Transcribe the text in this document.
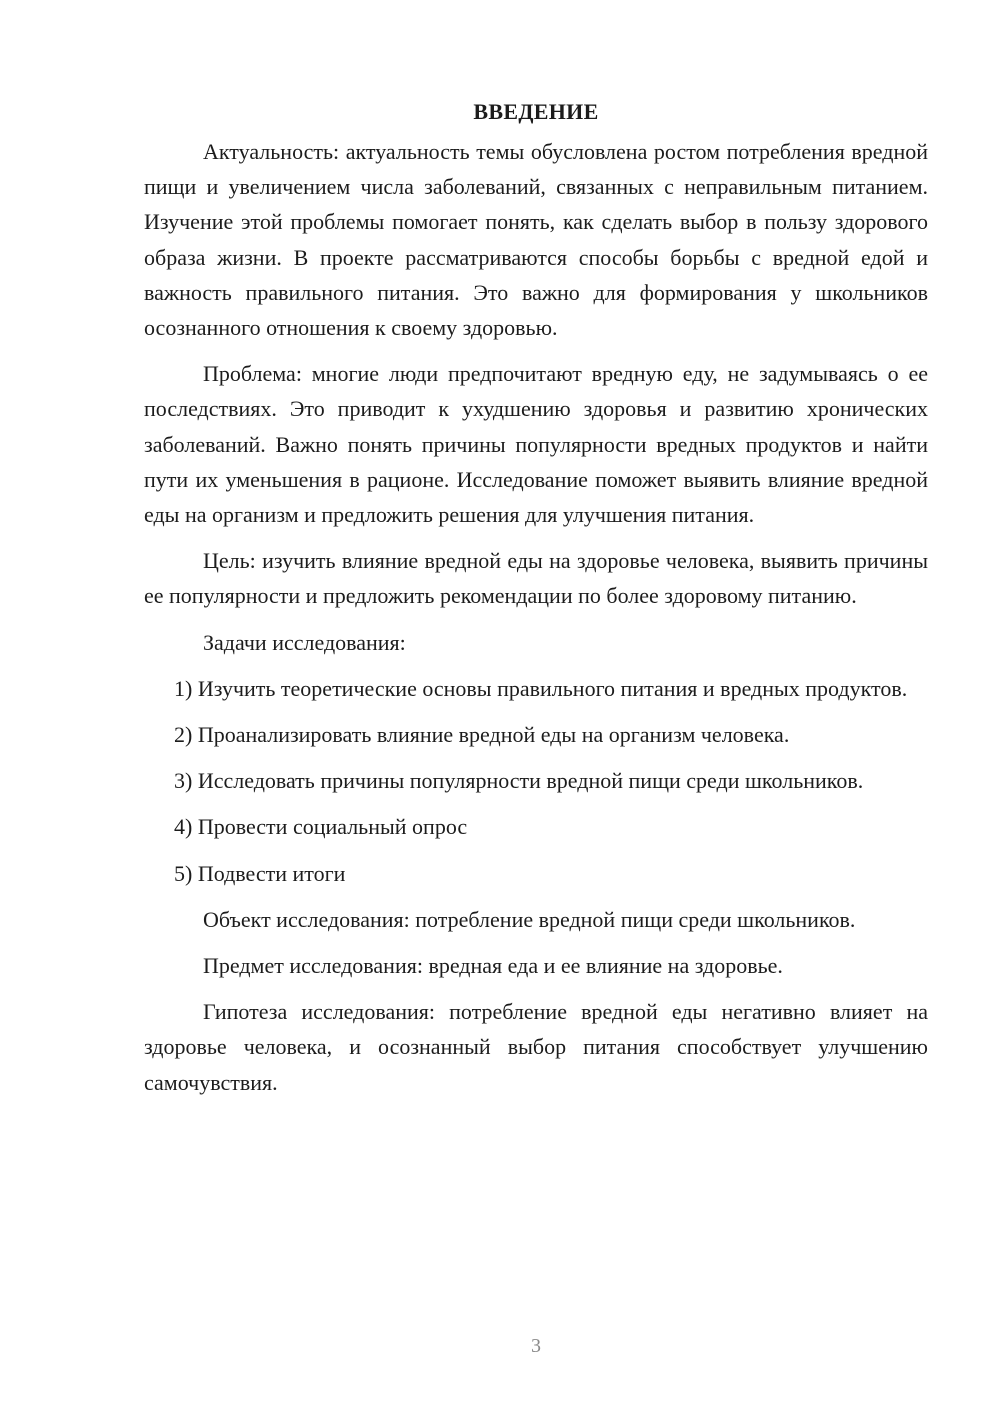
ВВЕДЕНИЕ

Актуальность: актуальность темы обусловлена ростом потребления вредной пищи и увеличением числа заболеваний, связанных с неправильным питанием. Изучение этой проблемы помогает понять, как сделать выбор в пользу здорового образа жизни. В проекте рассматриваются способы борьбы с вредной едой и важность правильного питания. Это важно для формирования у школьников осознанного отношения к своему здоровью.

Проблема: многие люди предпочитают вредную еду, не задумываясь о ее последствиях. Это приводит к ухудшению здоровья и развитию хронических заболеваний. Важно понять причины популярности вредных продуктов и найти пути их уменьшения в рационе. Исследование поможет выявить влияние вредной еды на организм и предложить решения для улучшения питания.

Цель: изучить влияние вредной еды на здоровье человека, выявить причины ее популярности и предложить рекомендации по более здоровому питанию.

Задачи исследования:

1) Изучить теоретические основы правильного питания и вредных продуктов.

2) Проанализировать влияние вредной еды на организм человека.

3) Исследовать причины популярности вредной пищи среди школьников.

4) Провести социальный опрос

5) Подвести итоги

Объект исследования: потребление вредной пищи среди школьников.

Предмет исследования: вредная еда и ее влияние на здоровье.

Гипотеза исследования: потребление вредной еды негативно влияет на здоровье человека, и осознанный выбор питания способствует улучшению самочувствия.

3
